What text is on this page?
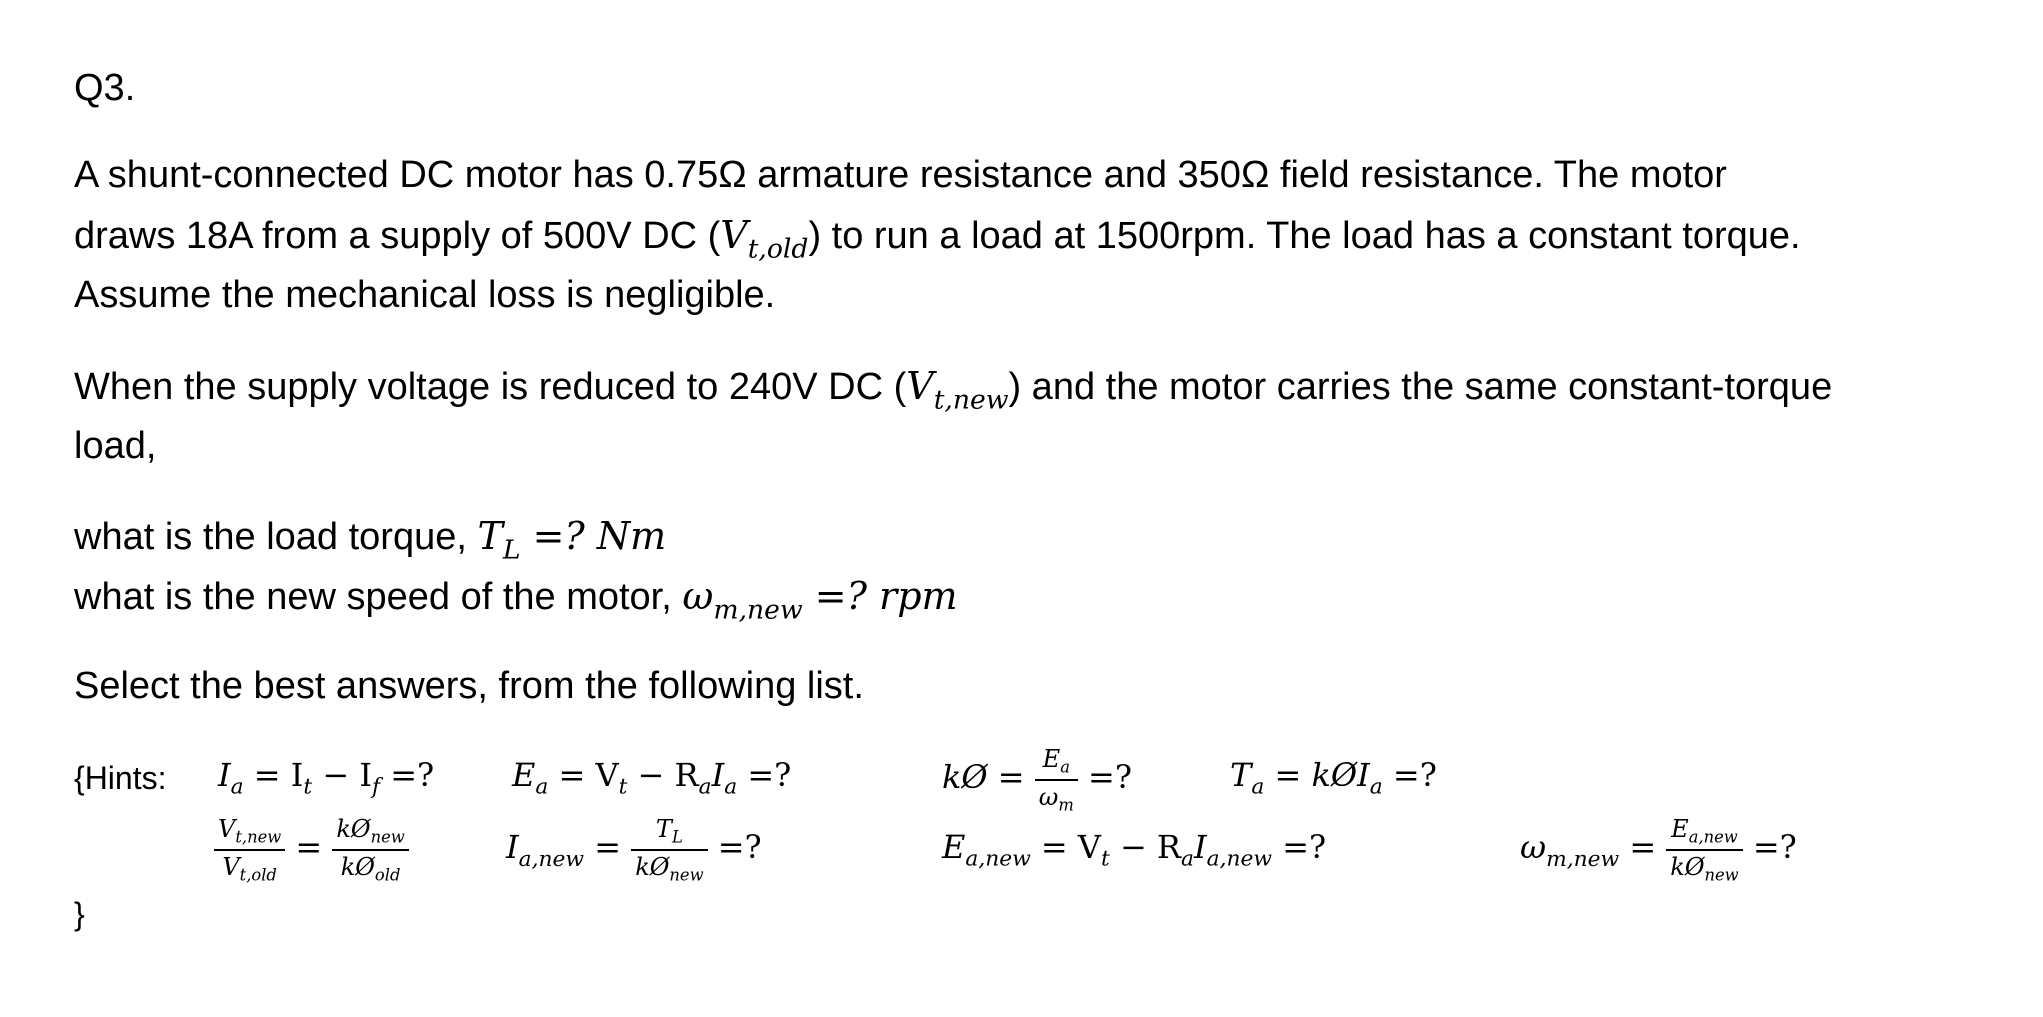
Q3.
A shunt-connected DC motor has 0.75Ω armature resistance and 350Ω field resistance. The motor
draws 18A from a supply of 500V DC $(V_{t,old})$ to run a load at 1500rpm. The load has a constant torque.
Assume the mechanical loss is negligible.
When the supply voltage is reduced to 240V DC $(V_{t,new})$ and the motor carries the same constant-torque
load,
what is the load torque, $T_L$ =? Nm
what is the new speed of the motor, $\omega_{m,new}$ =? rpm
Select the best answers, from the following list.
{Hints: $I_a = I_t - I_f$ =? $E_a = V_t - R_aI_a$ =?	kØ = $\frac{E_a}{\omega_m}$ =?	$T_a$ = kØI$_a$ =?
$\frac{V_{t,new}}{V_{t,old}} = \frac{kØ_{new}}{kØ_{old}}$	$I_{a,new} = \frac{T_L}{kØ_{new}}$ =?	$E_{a,new} = V_t - R_aI_{a,new}$ =?	$\omega_{m,new} = \frac{E_{a,new}}{kØ_{new}}$ =?
}
